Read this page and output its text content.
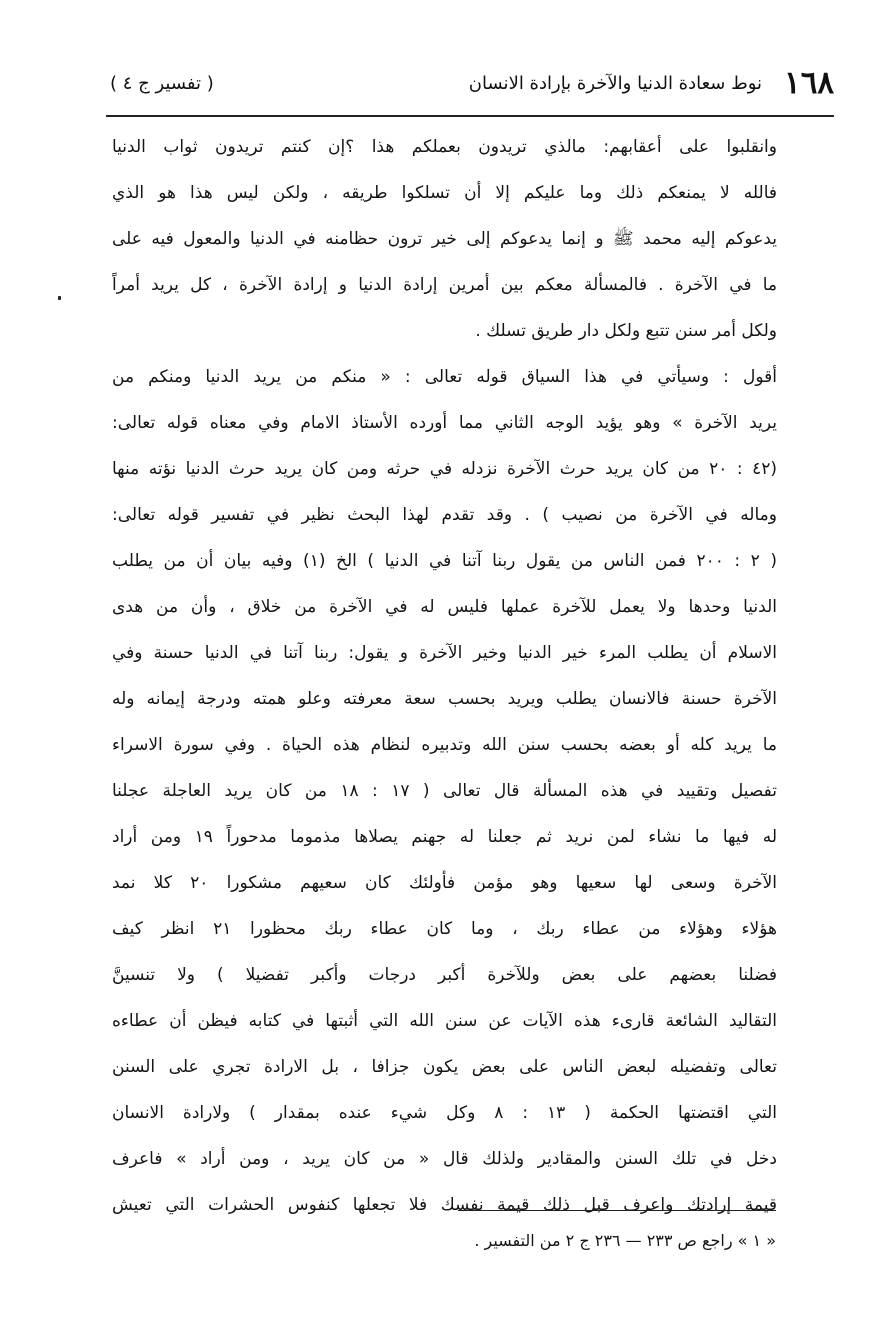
١٦٨
نوط سعادة الدنيا والآخرة بإرادة الانسان
( تفسير ج ٤ )
وانقلبوا على أعقابهم: مالذي تريدون بعملكم هذا ؟إن كنتم تريدون ثواب الدنيا
فالله لا يمنعكم ذلك وما عليكم إلا أن تسلكوا طريقه ، ولكن ليس هذا هو الذي
يدعوكم إليه محمد ﷺ و إنما يدعوكم إلى خير ترون حظامنه في الدنيا والمعول فيه على
ما في الآخرة . فالمسألة معكم بين أمرين إرادة الدنيا و إرادة الآخرة ، كل يريد أمراً
ولكل أمر سنن تتبع ولكل دار طريق تسلك .
أقول : وسيأتي في هذا السياق قوله تعالى : « منكم من يريد الدنيا ومنكم من
يريد الآخرة » وهو يؤيد الوجه الثاني مما أورده الأستاذ الامام وفي معناه قوله تعالى:
(٤٢ : ٢٠ من كان يريد حرث الآخرة نزدله في حرثه ومن كان يريد حرث الدنيا نؤته منها
وماله في الآخرة من نصيب ) . وقد تقدم لهذا البحث نظير في تفسير قوله تعالى:
( ٢ : ٢٠٠ فمن الناس من يقول ربنا آتنا في الدنيا ) الخ (١) وفيه بيان أن من يطلب
الدنيا وحدها ولا يعمل للآخرة عملها فليس له في الآخرة من خلاق ، وأن من هدى
الاسلام أن يطلب المرء خير الدنيا وخير الآخرة و يقول: ربنا آتنا في الدنيا حسنة وفي
الآخرة حسنة فالانسان يطلب ويريد بحسب سعة معرفته وعلو همته ودرجة إيمانه وله
ما يريد كله أو بعضه بحسب سنن الله وتدبيره لنظام هذه الحياة . وفي سورة الاسراء
تفصيل وتقييد في هذه المسألة قال تعالى ( ١٧ : ١٨ من كان يريد العاجلة عجلنا
له فيها ما نشاء لمن نريد ثم جعلنا له جهنم يصلاها مذموما مدحوراً ١٩ ومن أراد
الآخرة وسعى لها سعيها وهو مؤمن فأولئك كان سعيهم مشكورا ٢٠ كلا نمد
هؤلاء وهؤلاء من عطاء ربك ، وما كان عطاء ربك محظورا ٢١ انظر كيف
فضلنا بعضهم على بعض وللآخرة أكبر درجات وأكبر تفضيلا ) ولا تنسينَّ
التقاليد الشائعة قارىء هذه الآيات عن سنن الله التي أثبتها في كتابه فيظن أن عطاءه
تعالى وتفضيله لبعض الناس على بعض يكون جزافا ، بل الارادة تجري على السنن
التي اقتضتها الحكمة ( ١٣ : ٨ وكل شيء عنده بمقدار ) ولارادة الانسان
دخل في تلك السنن والمقادير ولذلك قال « من كان يريد ، ومن أراد » فاعرف
قيمة إرادتك واعرف قبل ذلك قيمة نفسك فلا تجعلها كنفوس الحشرات التي تعيش
« ١ » راجع ص ٢٣٣ — ٢٣٦ ج ٢ من التفسير .
